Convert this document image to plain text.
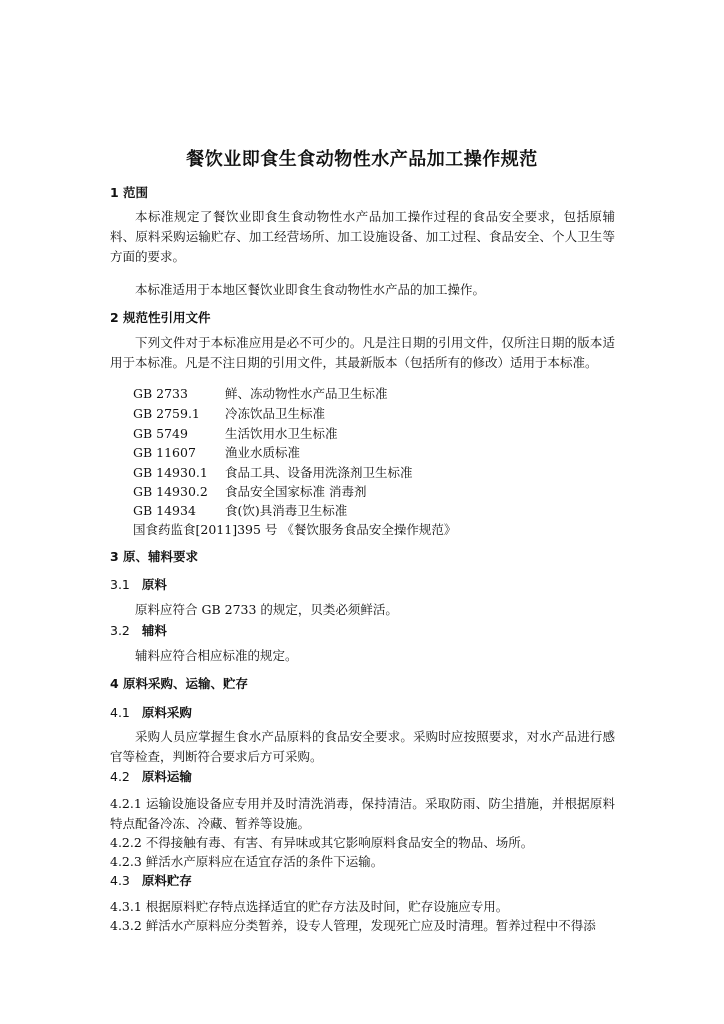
餐饮业即食生食动物性水产品加工操作规范
1 范围

本标准规定了餐饮业即食生食动物性水产品加工操作过程的食品安全要求，包括原辅料、原料采购运输贮存、加工经营场所、加工设施设备、加工过程、食品安全、个人卫生等方面的要求。

本标准适用于本地区餐饮业即食生食动物性水产品的加工操作。

2 规范性引用文件

下列文件对于本标准应用是必不可少的。凡是注日期的引用文件，仅所注日期的版本适用于本标准。凡是不注日期的引用文件，其最新版本（包括所有的修改）适用于本标准。

GB 2733	鲜、冻动物性水产品卫生标准
GB 2759.1 冷冻饮品卫生标准
GB 5749	生活饮用水卫生标准
GB 11607 渔业水质标准
GB 14930.1 食品工具、设备用洗涤剂卫生标准
GB 14930.2 食品安全国家标准 消毒剂
GB 14934 食(饮)具消毒卫生标准
国食药监食[2011]395 号 《餐饮服务食品安全操作规范》
3 原、辅料要求
3.1 原料
原料应符合 GB 2733 的规定，贝类必须鲜活。
3.2 辅料
辅料应符合相应标准的规定。
4 原料采购、运输、贮存
4.1 原料采购

采购人员应掌握生食水产品原料的食品安全要求。采购时应按照要求，对水产品进行感官等检查，判断符合要求后方可采购。

4.2 原料运输

4.2.1 运输设施设备应专用并及时清洗消毒，保持清洁。采取防雨、防尘措施，并根据原料特点配备冷冻、冷藏、暂养等设施。

4.2.2 不得接触有毒、有害、有异味或其它影响原料食品安全的物品、场所。
4.2.3 鲜活水产原料应在适宜存活的条件下运输。
4.3 原料贮存
4.3.1 根据原料贮存特点选择适宜的贮存方法及时间，贮存设施应专用。
4.3.2 鲜活水产原料应分类暂养，设专人管理，发现死亡应及时清理。暂养过程中不得添
